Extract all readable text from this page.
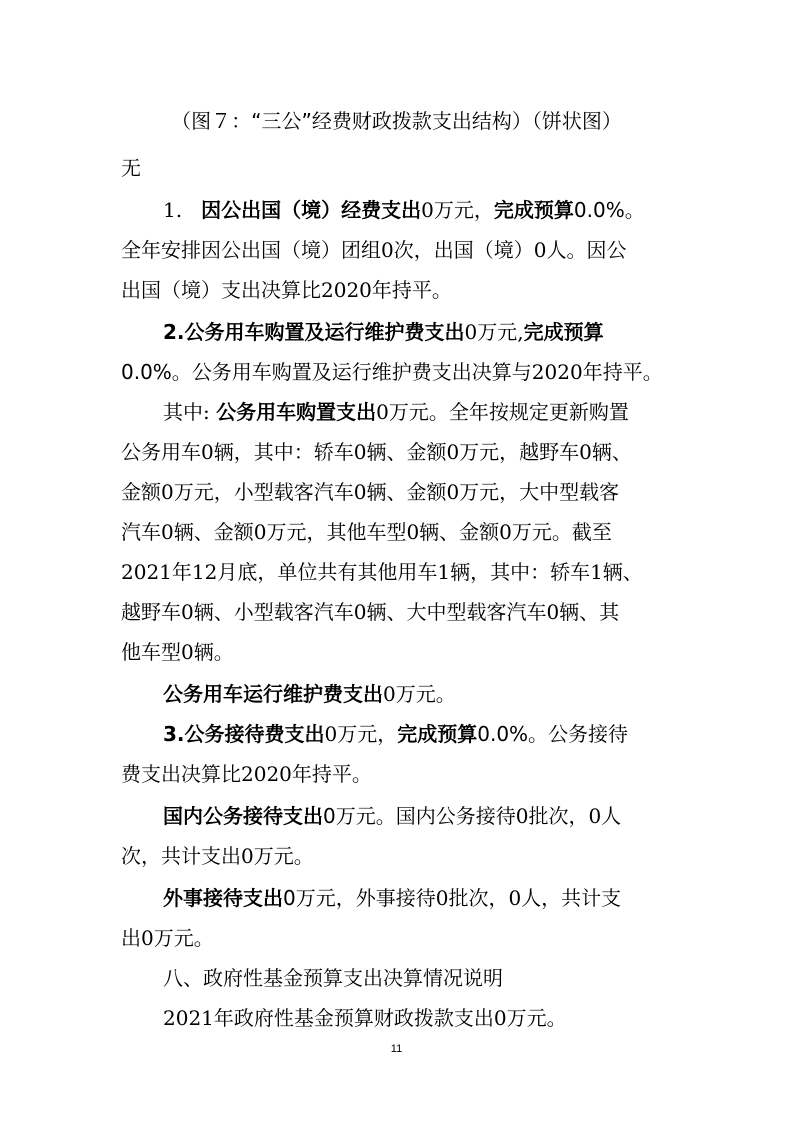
（图７：“三公”经费财政拨款支出结构）（饼状图）
无
1. 因公出国（境）经费支出0万元，完成预算0.0%。
全年安排因公出国（境）团组0次，出国（境）0人。因公
出国（境）支出决算比2020年持平。
2.公务用车购置及运行维护费支出0万元,完成预算
0.0%。公务用车购置及运行维护费支出决算与2020年持平。
其中: 公务用车购置支出0万元。全年按规定更新购置
公务用车0辆，其中：轿车0辆、金额0万元，越野车0辆、
金额0万元，小型载客汽车0辆、金额0万元，大中型载客
汽车0辆、金额0万元，其他车型0辆、金额0万元。截至
2021年12月底，单位共有其他用车1辆，其中：轿车1辆、
越野车0辆、小型载客汽车0辆、大中型载客汽车0辆、其
他车型0辆。
公务用车运行维护费支出0万元。
3.公务接待费支出0万元，完成预算0.0%。公务接待
费支出决算比2020年持平。
国内公务接待支出0万元。国内公务接待0批次，0人
次，共计支出0万元。
外事接待支出0万元，外事接待0批次，0人，共计支
出0万元。
八、政府性基金预算支出决算情况说明
2021年政府性基金预算财政拨款支出0万元。
11
